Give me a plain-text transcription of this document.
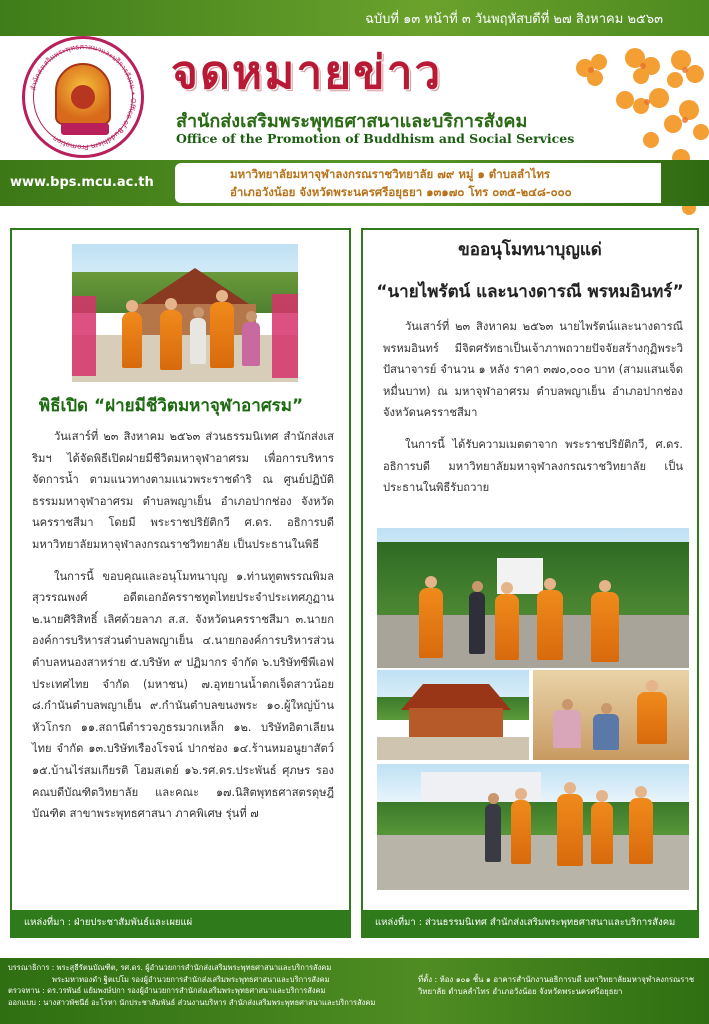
ฉบับที่ ๑๓ หน้าที่ ๓ วันพฤหัสบดีที่ ๒๗ สิงหาคม ๒๕๖๓
สำนักส่งเสริมพระพุทธศาสนาและบริการสังคม • Office of Buddhism Promotion
จดหมายข่าว
สำนักส่งเสริมพระพุทธศาสนาและบริการสังคม
Office of the Promotion of Buddhism and Social Services
www.bps.mcu.ac.th
มหาวิทยาลัยมหาจุฬาลงกรณราชวิทยาลัย ๗๙ หมู่ ๑ ตำบลลำไทร
อำเภอวังน้อย จังหวัดพระนครศรีอยุธยา ๑๓๑๗๐ โทร ๐๓๕-๒๔๘-๐๐๐

วันเสาร์ที่ ๒๓ สิงหาคม ๒๕๖๓ ส่วนธรรมนิเทศ สำนักส่งเสริมฯ ได้จัดพิธีเปิดฝายมีชีวิตมหาจุฬาอาศรม เพื่อการบริหารจัดการน้ำ ตามแนวทางตามแนวพระราชดำริ ณ ศูนย์ปฏิบัติธรรมมหาจุฬาอาศรม ตำบลพญาเย็น อำเภอปากช่อง จังหวัดนครราชสีมา โดยมี พระราชปริยัติกวี ศ.ดร. อธิการบดี มหาวิทยาลัยมหาจุฬาลงกรณราชวิทยาลัย เป็นประธานในพิธี

ในการนี้ ขอบคุณและอนุโมทนาบุญ ๑.ท่านทูตพรรณพิมล สุวรรณพงศ์ อดีตเอกอัครราชทูตไทยประจำประเทศภูฏาน ๒.นายศิริสิทธิ์ เลิศด้วยลาภ ส.ส. จังหวัดนครราชสีมา ๓.นายกองค์การบริหารส่วนตำบลพญาเย็น ๔.นายกองค์การบริหารส่วนตำบลหนองสาหร่าย ๕.บริษัท ๙ ปฏิมากร จำกัด ๖.บริษัทซีพีเอฟ ประเทศไทย จำกัด (มหาชน) ๗.อุทยานน้ำตกเจ็ดสาวน้อย ๘.กำนันตำบลพญาเย็น ๙.กำนันตำบลขนงพระ ๑๐.ผู้ใหญ่บ้านหัวโกรก ๑๑.สถานีตำรวจภูธรมวกเหล็ก ๑๒. บริษัทอิตาเลียนไทย จำกัด ๑๓.บริษัทเรืองโรจน์ ปากช่อง ๑๔.ร้านหมอนูยาสัตว์ ๑๕.บ้านไร่สมเกียรติ โฮมสเตย์ ๑๖.รศ.ดร.ประพันธ์ ศุภษร รองคณบดีบัณฑิตวิทยาลัย และคณะ ๑๗.นิสิตพุทธศาสตรดุษฎีบัณฑิต สาขาพระพุทธศาสนา ภาคพิเศษ รุ่นที่ ๗

แหล่งที่มา : ฝ่ายประชาสัมพันธ์และเผยแผ่
พิธีเปิด “ฝายมีชีวิตมหาจุฬาอาศรม”

วันเสาร์ที่ ๒๓ สิงหาคม ๒๕๖๓ นายไพรัตน์และนางดารณี พรหมอินทร์ มีจิตศรัทธาเป็นเจ้าภาพถวายปัจจัยสร้างกุฏิพระวิปัสนาจารย์ จำนวน ๑ หลัง ราคา ๓๗๐,๐๐๐ บาท (สามแสนเจ็ดหมื่นบาท) ณ มหาจุฬาอาศรม ตำบลพญาเย็น อำเภอปากช่อง จังหวัดนครราชสีมา

ในการนี้ ได้รับความเมตตาจาก พระราชปริยัติกวี, ศ.ดร. อธิการบดี มหาวิทยาลัยมหาจุฬาลงกรณราชวิทยาลัย เป็นประธานในพิธีรับถวาย

แหล่งที่มา : ส่วนธรรมนิเทศ สำนักส่งเสริมพระพุทธศาสนาและบริการสังคม
ขออนุโมทนาบุญแด่
“นายไพรัตน์ และนางดารณี พรหมอินทร์”
บรรณาธิการ : พระสุธีรัตนบัณฑิต, รศ.ดร. ผู้อำนวยการสำนักส่งเสริมพระพุทธศาสนาและบริการสังคม
พระมหาทองดำ ฐิตเปโม รองผู้อำนวยการสำนักส่งเสริมพระพุทธศาสนาและบริการสังคม
ตรวจทาน : ดร.วรพันธ์ แย้มพงษ์ปกา รองผู้อำนวยการสำนักส่งเสริมพระพุทธศาสนาและบริการสังคม
ออกแบบ : นางสาวพัชนีย์ อะโรหา นักประชาสัมพันธ์ ส่วนงานบริหาร สำนักส่งเสริมพระพุทธศาสนาและบริการสังคม
ที่ตั้ง : ห้อง ๑๐๑ ชั้น ๑ อาคารสำนักงานอธิการบดี มหาวิทยาลัยมหาจุฬาลงกรณราชวิทยาลัย ตำบลลำไทร อำเภอวังน้อย จังหวัดพระนครศรีอยุธยา
